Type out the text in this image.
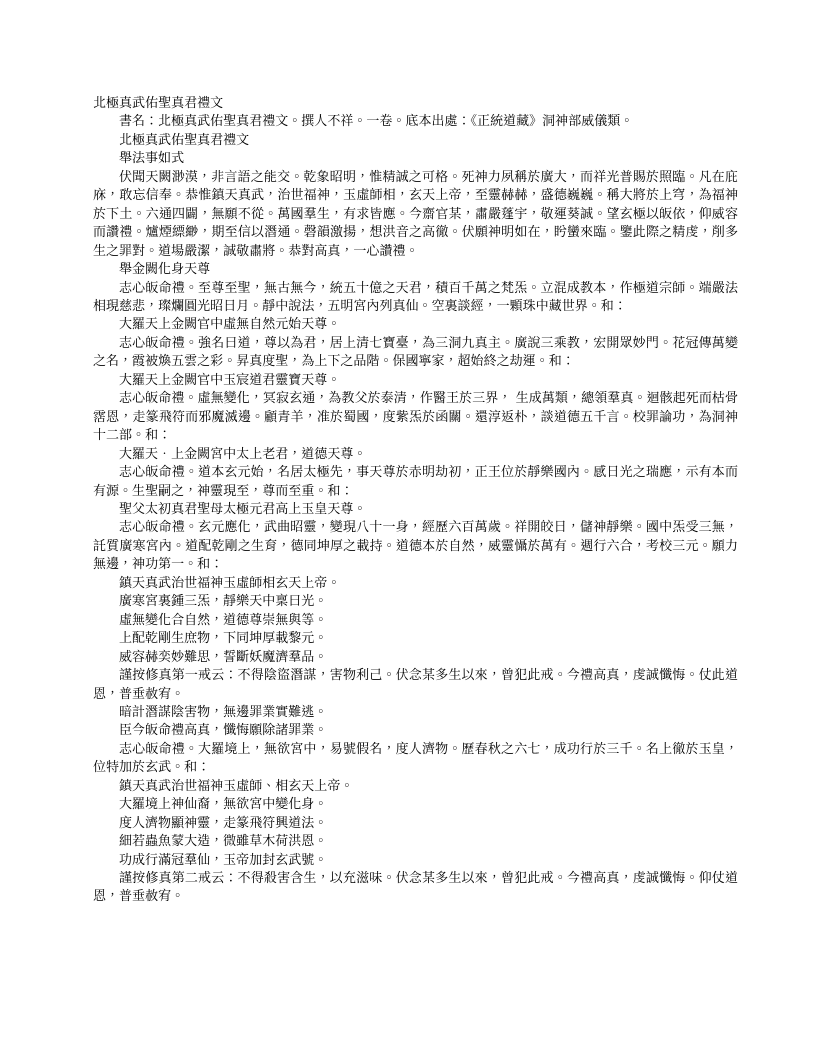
北極真武佑聖真君禮文

書名：北極真武佑聖真君禮文。撰人不祥。一卷。底本出處：《正統道藏》洞神部威儀類。

北極真武佑聖真君禮文

舉法事如式

伏聞天闕渺漠，非言語之能交。乾象昭明，惟精誠之可格。死神力夙稱於廣大，而祥光普賜於照臨。凡在庇庥，敢忘信奉。恭惟鎮天真武，治世福神，玉虛師相，玄天上帝，至靈赫赫，盛德巍巍。稱大將於上穹，為福神於下土。六通四闢，無願不從。萬國羣生，有求皆應。今齋官某，肅嚴蓬宇，敬運葵誠。望玄極以皈依，仰威容而讚禮。爐煙縹緲，期至信以潛通。磬韻激揚，想洪音之高徹。伏願神明如在，盻蠻來臨。鑒此際之精虔，削多生之罪對。道場嚴潔，誠敬肅將。恭對高真，一心讚禮。

舉金闕化身天尊

志心皈命禮。至尊至聖，無古無今，統五十億之天君，積百千萬之梵炁。立混成教本，作極道宗師。端嚴法相現慈悲，璨爛圓光昭日月。靜中說法，五明宮內列真仙。空裏談經，一顆珠中藏世界。和：

大羅天上金闕官中虛無自然元始天尊。

志心皈命禮。強名曰道，尊以為君，居上清七寶臺，為三洞九真主。廣說三乘教，宏開眾妙門。花冠傳萬變之名，霞被煥五雲之彩。昇真度聖，為上下之品階。保國寧家，超始終之劫運。和：

大羅天上金闕官中玉宸道君靈寶天尊。

志心皈命禮。虛無變化，冥寂玄通，為教父於泰清，作醫王於三界， 生成萬類，總領羣真。迴骸起死而枯骨霑恩，走篆飛符而邪魔滅邊。顧青羊，准於蜀國，度紫炁於函關。還淳返朴，談道德五千言。校罪論功，為洞神十二部。和：

大羅天．上金闕宮中太上老君，道德天尊。

志心皈命禮。道本玄元始，名居太極先，事天尊於赤明劫初，正王位於靜樂國內。感日光之瑞應，示有本而有源。生聖嗣之，神靈現至，尊而至重。和：

聖父太初真君聖母太極元君高上玉皇天尊。

志心皈命禮。玄元應化，武曲昭靈，變現八十一身，經歷六百萬歲。祥開皎日，儲神靜樂。國中炁受三無，託質廣寒宮內。道配乾剛之生育，德同坤厚之載持。道德本於自然，威靈懾於萬有。週行六合，考校三元。願力無邊，神功第一。和：

鎮天真武治世福神玉虛師相玄天上帝。

廣寒宮裏鍾三炁，靜樂天中稟曰光。

虛無變化合自然，道德尊崇無與等。

上配乾剛生庶物，下同坤厚載黎元。

威容赫奕妙難思，誓斷妖魔濟羣品。

謹按修真第一戒云：不得陰盜潛謀，害物利己。伏念某多生以來，曾犯此戒。今禮高真，虔誠懺悔。仗此道恩，普垂赦宥。

暗計潛謀陰害物，無邊罪業實難逃。

臣今皈命禮高真，懺悔願除諸罪業。

志心皈命禮。大羅境上，無欲宮中，易號假名，度人濟物。歷春秋之六七，成功行於三千。名上徹於玉皇，位特加於玄武。和：

鎮天真武治世福神玉虛師、相玄天上帝。

大羅境上神仙裔，無欲宮中變化身。

度人濟物顯神靈，走篆飛符興道法。

細若蟲魚蒙大造，微雖草木荷洪恩。

功成行滿冠羣仙，玉帝加封玄武號。

謹按修真第二戒云：不得殺害含生，以充滋味。伏念某多生以來，曾犯此戒。今禮高真，虔誠懺悔。仰仗道恩，普垂赦宥。
